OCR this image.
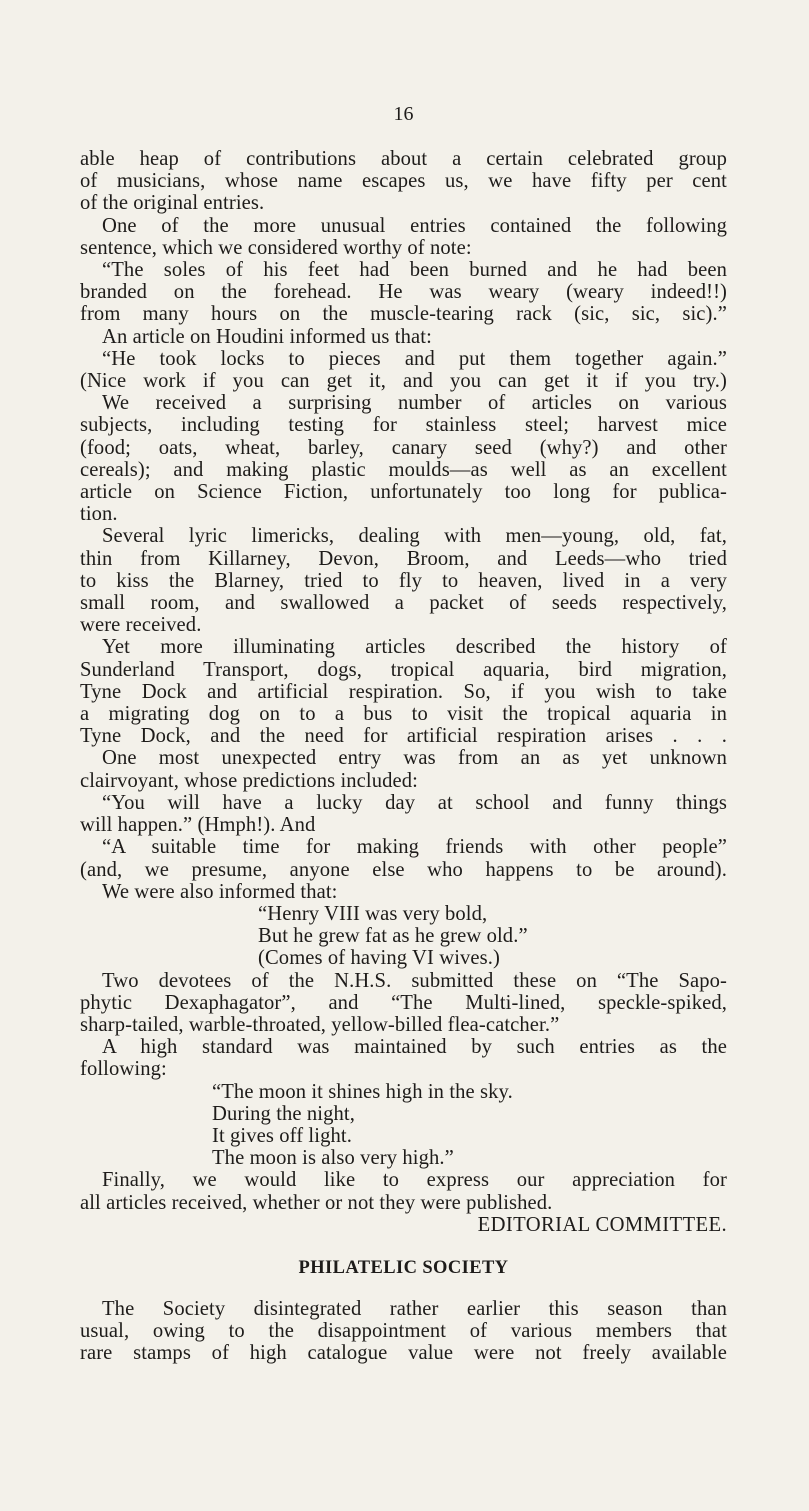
16
able heap of contributions about a certain celebrated group
of musicians, whose name escapes us, we have fifty per cent
of the original entries.
One of the more unusual entries contained the following
sentence, which we considered worthy of note:
“The soles of his feet had been burned and he had been
branded on the forehead. He was weary (weary indeed!!)
from many hours on the muscle-tearing rack (sic, sic, sic).”
An article on Houdini informed us that:
“He took locks to pieces and put them together again.”
(Nice work if you can get it, and you can get it if you try.)
We received a surprising number of articles on various
subjects, including testing for stainless steel; harvest mice
(food; oats, wheat, barley, canary seed (why?) and other
cereals); and making plastic moulds—as well as an excellent
article on Science Fiction, unfortunately too long for publica-
tion.
Several lyric limericks, dealing with men—young, old, fat,
thin from Killarney, Devon, Broom, and Leeds—who tried
to kiss the Blarney, tried to fly to heaven, lived in a very
small room, and swallowed a packet of seeds respectively,
were received.
Yet more illuminating articles described the history of
Sunderland Transport, dogs, tropical aquaria, bird migration,
Tyne Dock and artificial respiration. So, if you wish to take
a migrating dog on to a bus to visit the tropical aquaria in
Tyne Dock, and the need for artificial respiration arises . . .
One most unexpected entry was from an as yet unknown
clairvoyant, whose predictions included:
“You will have a lucky day at school and funny things
will happen.” (Hmph!). And
“A suitable time for making friends with other people”
(and, we presume, anyone else who happens to be around).
We were also informed that:
“Henry VIII was very bold,
But he grew fat as he grew old.”
(Comes of having VI wives.)
Two devotees of the N.H.S. submitted these on “The Sapo-
phytic Dexaphagator”, and “The Multi-lined, speckle-spiked,
sharp-tailed, warble-throated, yellow-billed flea-catcher.”
A high standard was maintained by such entries as the
following:
“The moon it shines high in the sky.
During the night,
It gives off light.
The moon is also very high.”
Finally, we would like to express our appreciation for
all articles received, whether or not they were published.
EDITORIAL COMMITTEE.
PHILATELIC SOCIETY
The Society disintegrated rather earlier this season than
usual, owing to the disappointment of various members that
rare stamps of high catalogue value were not freely available
